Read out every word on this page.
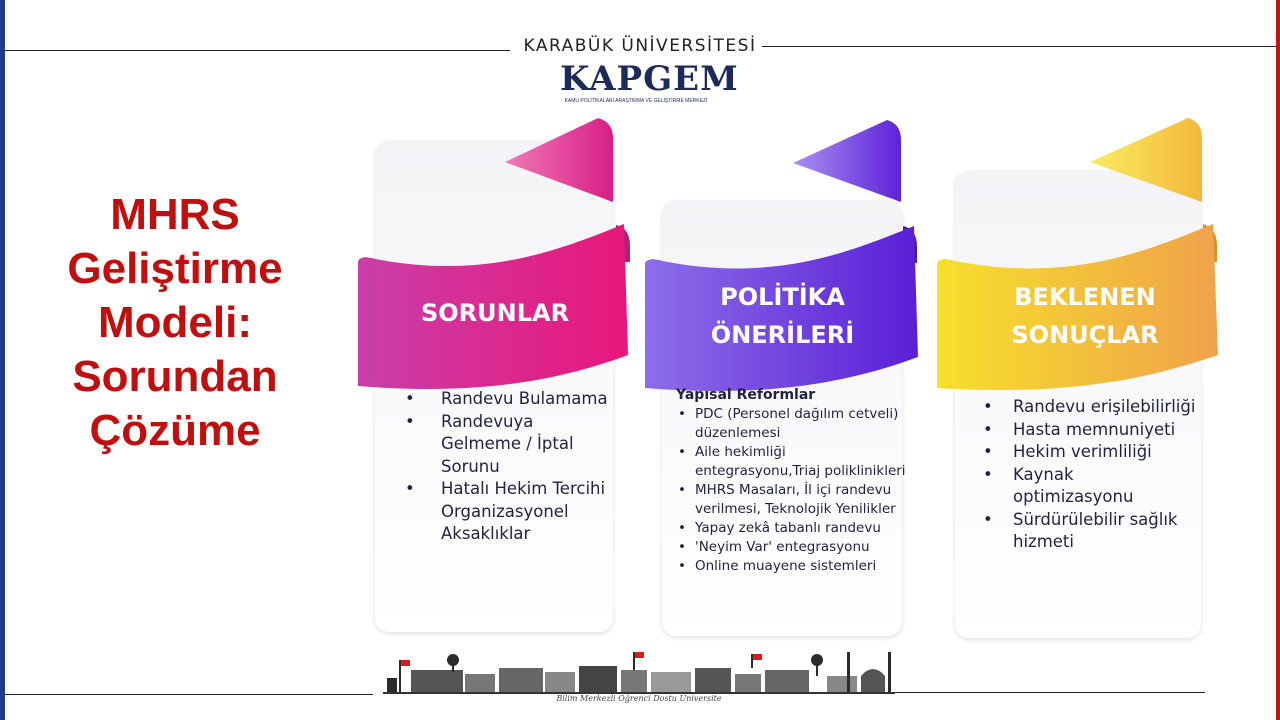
KARABÜK ÜNİVERSİTESİ
KAPGEM
KAMU POLİTİKALARI ARAŞTIRMA VE GELİŞTİRME MERKEZİ
MHRS
Geliştirme
Modeli:
Sorundan
Çözüme
SORUNLAR
POLİTİKA
ÖNERİLERİ
BEKLENEN
SONUÇLAR
• Randevu Bulamama
• Randevuya Gelmeme / İptal Sorunu
• Hatalı Hekim Tercihi
Organizasyonel Aksaklıklar
Yapısal Reformlar
• PDC (Personel dağılım cetveli) düzenlemesi
• Aile hekimliği entegrasyonu,Triaj poliklinikleri
• MHRS Masaları, İl içi randevu verilmesi, Teknolojik Yenilikler
• Yapay zekâ tabanlı randevu
• 'Neyim Var' entegrasyonu
• Online muayene sistemleri
• Randevu erişilebilirliği
• Hasta memnuniyeti
• Hekim verimliliği
• Kaynak optimizasyonu
• Sürdürülebilir sağlık hizmeti
Bilim Merkezli Öğrenci Dostu Üniversite
